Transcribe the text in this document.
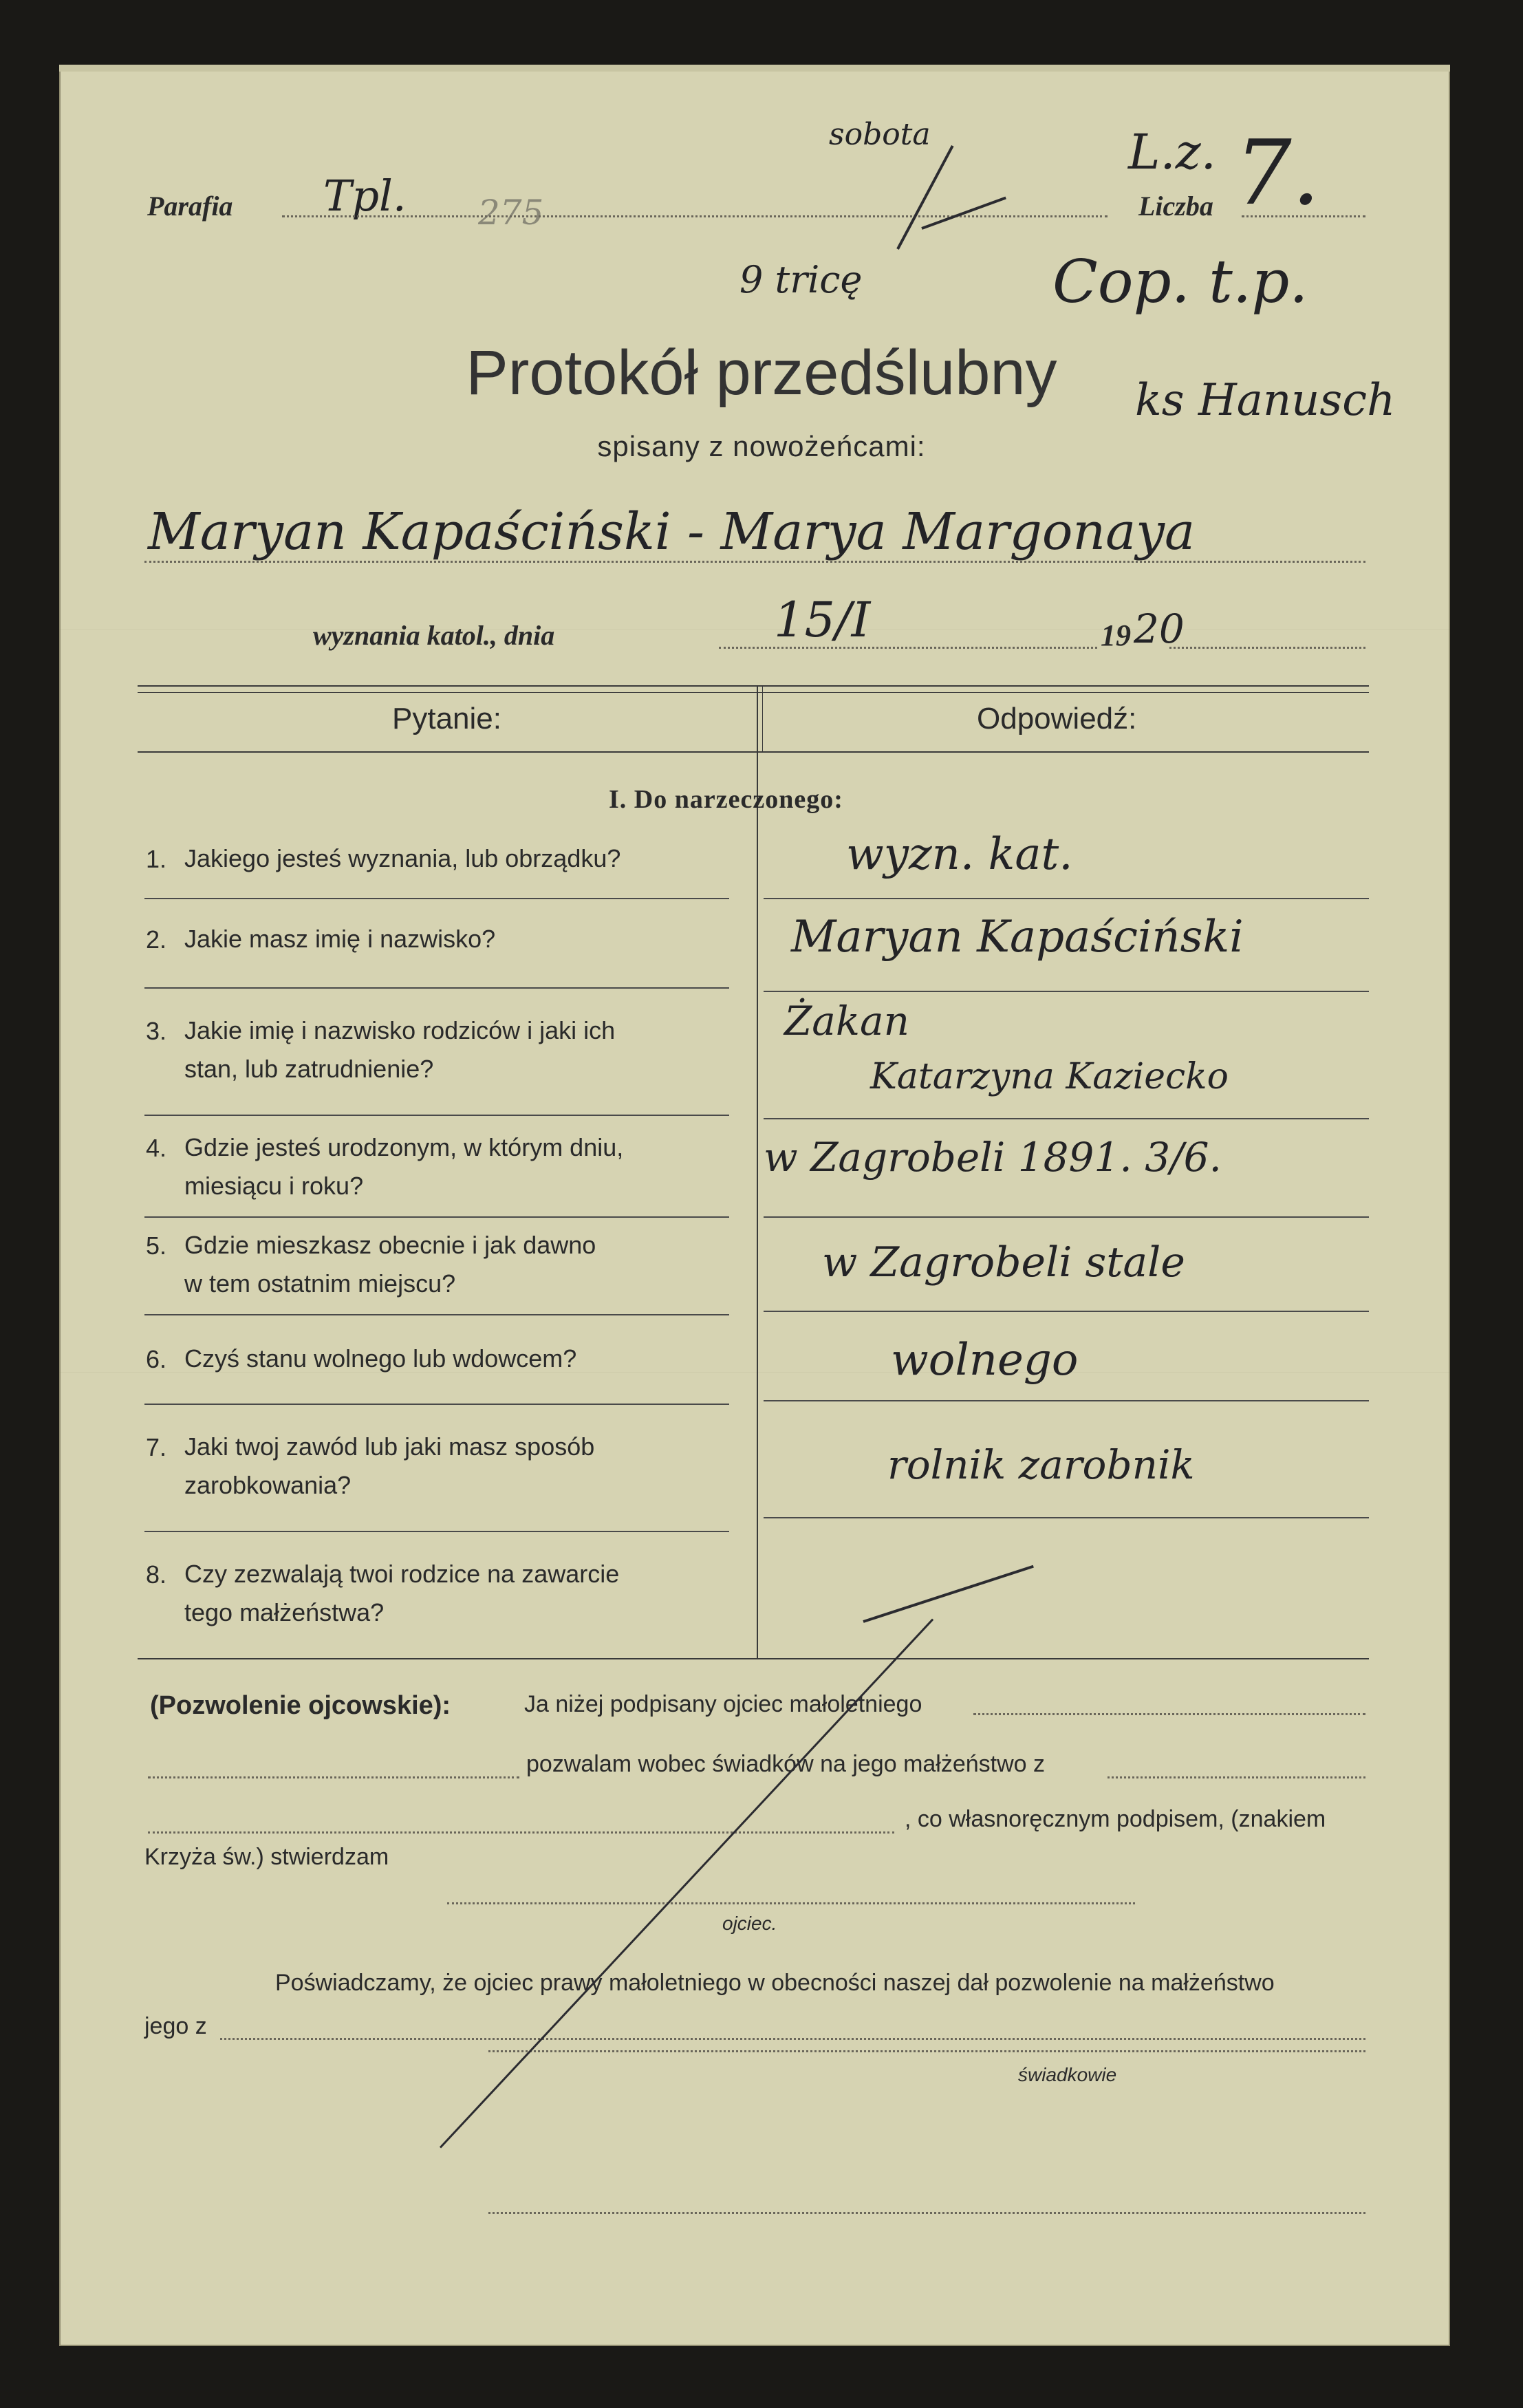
Parafia Tpl. 275
sobota
9 tricę
Liczba
L.z. 7.
Cop. t.p.
ks Hanusch
Protokół przedślubny
spisany z nowożeńcami:
Maryan Kapaściński - Marya Margonaya
wyznania katol., dnia	15/I	19 20
Pytanie:	Odpowiedź:
I. Do narzeczonego:
1. Jakiego jesteś wyznania, lub obrządku?	wyzn. kat.
2. Jakie masz imię i nazwisko?	Maryan Kapaściński
3. Jakie imię i nazwisko rodziców i jaki ich
stan, lub zatrudnienie?
Żakan
Katarzyna Kaziecko
4. Gdzie jesteś urodzonym, w którym dniu,
miesiącu i roku?
w Zagrobeli 1891. 3/6.
5. Gdzie mieszkasz obecnie i jak dawno
w tem ostatnim miejscu?	w Zagrobeli stale
6. Czyś stanu wolnego lub wdowcem?	wolnego
7. Jaki twoj zawód lub jaki masz sposób
zarobkowania?	rolnik zarobnik
8. Czy zezwalają twoi rodzice na zawarcie
tego małżeństwa?
(Pozwolenie ojcowskie):	Ja niżej podpisany ojciec małoletniego
pozwalam wobec świadków na jego małżeństwo z
, co własnoręcznym podpisem, (znakiem
Krzyża św.) stwierdzam
ojciec.
Poświadczamy, że ojciec prawy małoletniego w obecności naszej dał pozwolenie na małżeństwo
jego z
świadkowie
